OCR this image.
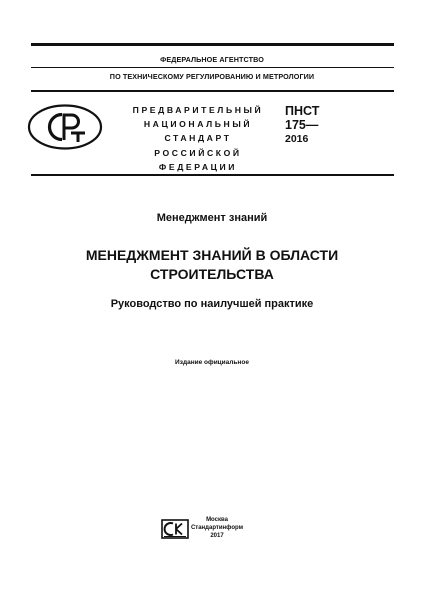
ФЕДЕРАЛЬНОЕ АГЕНТСТВО
ПО ТЕХНИЧЕСКОМУ РЕГУЛИРОВАНИЮ И МЕТРОЛОГИИ
ПРЕДВАРИТЕЛЬНЫЙ
НАЦИОНАЛЬНЫЙ
СТАНДАРТ
РОССИЙСКОЙ
ФЕДЕРАЦИИ
ПНСТ
175—
2016
Менеджмент знаний
МЕНЕДЖМЕНТ ЗНАНИЙ В ОБЛАСТИ СТРОИТЕЛЬСТВА
Руководство по наилучшей практике
Издание официальное
Москва
Стандартинформ
2017
